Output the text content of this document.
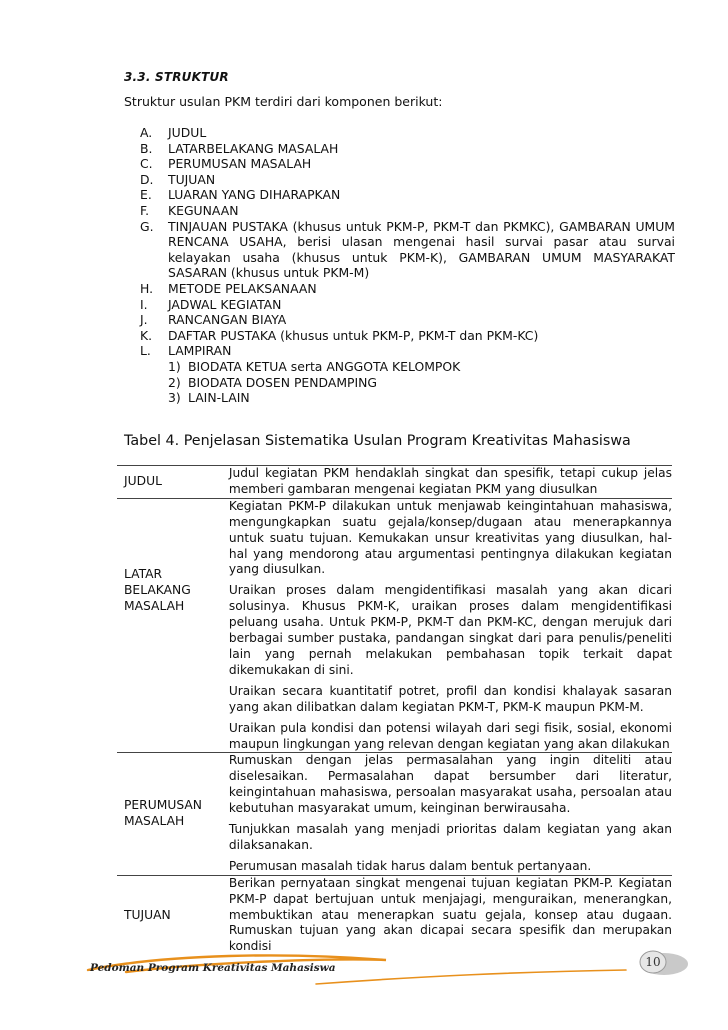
3.3. STRUKTUR
Struktur usulan PKM terdiri dari komponen berikut:
A.	JUDUL
B.	LATARBELAKANG MASALAH
C.	PERUMUSAN MASALAH
D.	TUJUAN
E.	LUARAN YANG DIHARAPKAN
F.	KEGUNAAN
G.	TINJAUAN PUSTAKA (khusus untuk PKM-P, PKM-T dan PKMKC), GAMBARAN UMUM RENCANA USAHA, berisi ulasan mengenai hasil survai pasar atau survai kelayakan usaha (khusus untuk PKM-K), GAMBARAN UMUM MASYARAKAT SASARAN (khusus untuk PKM-M)
H.	METODE PELAKSANAAN
I.	JADWAL KEGIATAN
J.	RANCANGAN BIAYA
K.	DAFTAR PUSTAKA (khusus untuk PKM-P, PKM-T dan PKM-KC)
L.	LAMPIRAN
1) BIODATA KETUA serta ANGGOTA KELOMPOK
2) BIODATA DOSEN PENDAMPING
3) LAIN-LAIN
Tabel 4. Penjelasan Sistematika Usulan Program Kreativitas Mahasiswa
JUDUL	Judul kegiatan PKM hendaklah singkat dan spesifik, tetapi cukup jelas memberi gambaran mengenai kegiatan PKM yang diusulkan

LATAR BELAKANG MASALAH	Kegiatan PKM-P dilakukan untuk menjawab keingintahuan mahasiswa, mengungkapkan suatu gejala/konsep/dugaan atau menerapkannya untuk suatu tujuan. Kemukakan unsur kreativitas yang diusulkan, hal-hal yang mendorong atau argumentasi pentingnya dilakukan kegiatan yang diusulkan.

Uraikan proses dalam mengidentifikasi masalah yang akan dicari solusinya. Khusus PKM-K, uraikan proses dalam mengidentifikasi peluang usaha. Untuk PKM-P, PKM-T dan PKM-KC, dengan merujuk dari berbagai sumber pustaka, pandangan singkat dari para penulis/peneliti lain yang pernah melakukan pembahasan topik terkait dapat dikemukakan di sini.

Uraikan secara kuantitatif potret, profil dan kondisi khalayak sasaran yang akan dilibatkan dalam kegiatan PKM-T, PKM-K maupun PKM-M.

Uraikan pula kondisi dan potensi wilayah dari segi fisik, sosial, ekonomi maupun lingkungan yang relevan dengan kegiatan yang akan dilakukan

PERUMUSAN MASALAH	Rumuskan dengan jelas permasalahan yang ingin diteliti atau diselesaikan. Permasalahan dapat bersumber dari literatur, keingintahuan mahasiswa, persoalan masyarakat usaha, persoalan atau kebutuhan masyarakat umum, keinginan berwirausaha.

Tunjukkan masalah yang menjadi prioritas dalam kegiatan yang akan dilaksanakan.

Perumusan masalah tidak harus dalam bentuk pertanyaan.

TUJUAN	Berikan pernyataan singkat mengenai tujuan kegiatan PKM-P. Kegiatan PKM-P dapat bertujuan untuk menjajagi, menguraikan, menerangkan, membuktikan atau menerapkan suatu gejala, konsep atau dugaan. Rumuskan tujuan yang akan dicapai secara spesifik dan merupakan kondisi

Pedoman Program Kreativitas Mahasiswa	10
